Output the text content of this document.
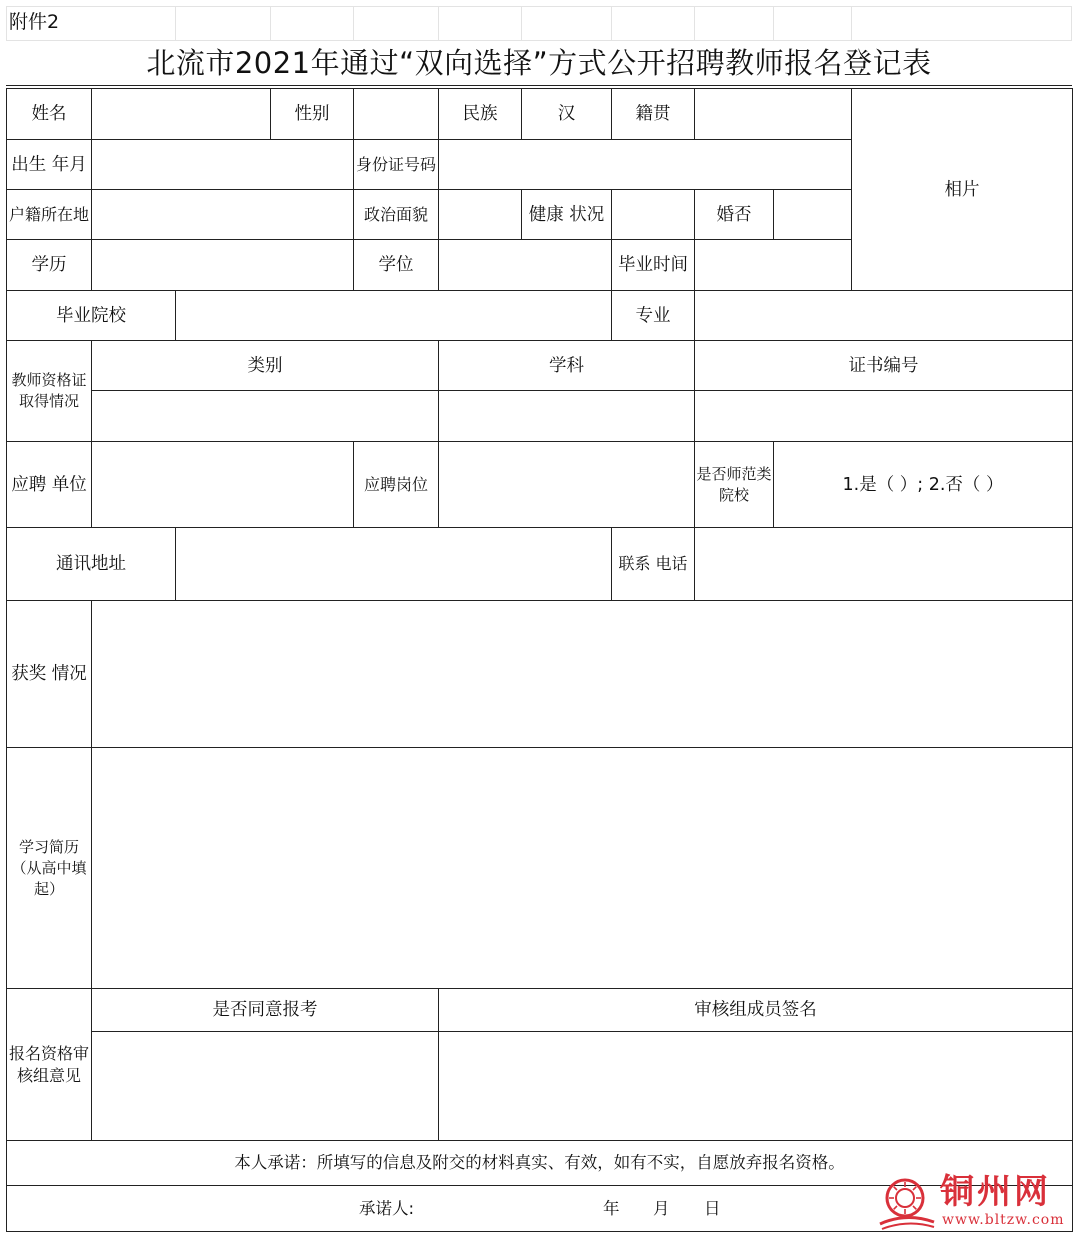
附件2
北流市2021年通过“双向选择”方式公开招聘教师报名登记表
姓名			性别		民族	汉	籍贯			相片
出生 年月				身份证号码						
户籍所在地				政治面貌		健康 状况		婚否		
学历				学位			毕业时间			
毕业院校							专业			
教师资格证取得情况	类别				学科			证书编号		

应聘 单位				应聘岗位				是否师范类院校	1.是（ ）; 2.否（ ）	
通讯地址							联系 电话			
获奖 情况										
学习简历（从高中填起）										
报名资格审核组意见	是否同意报考				审核组成员签名					

本人承诺：所填写的信息及附交的材料真实、有效，如有不实，自愿放弃报名资格。										

承诺人: 年 月 日											铜州网
www.bltzw.com
